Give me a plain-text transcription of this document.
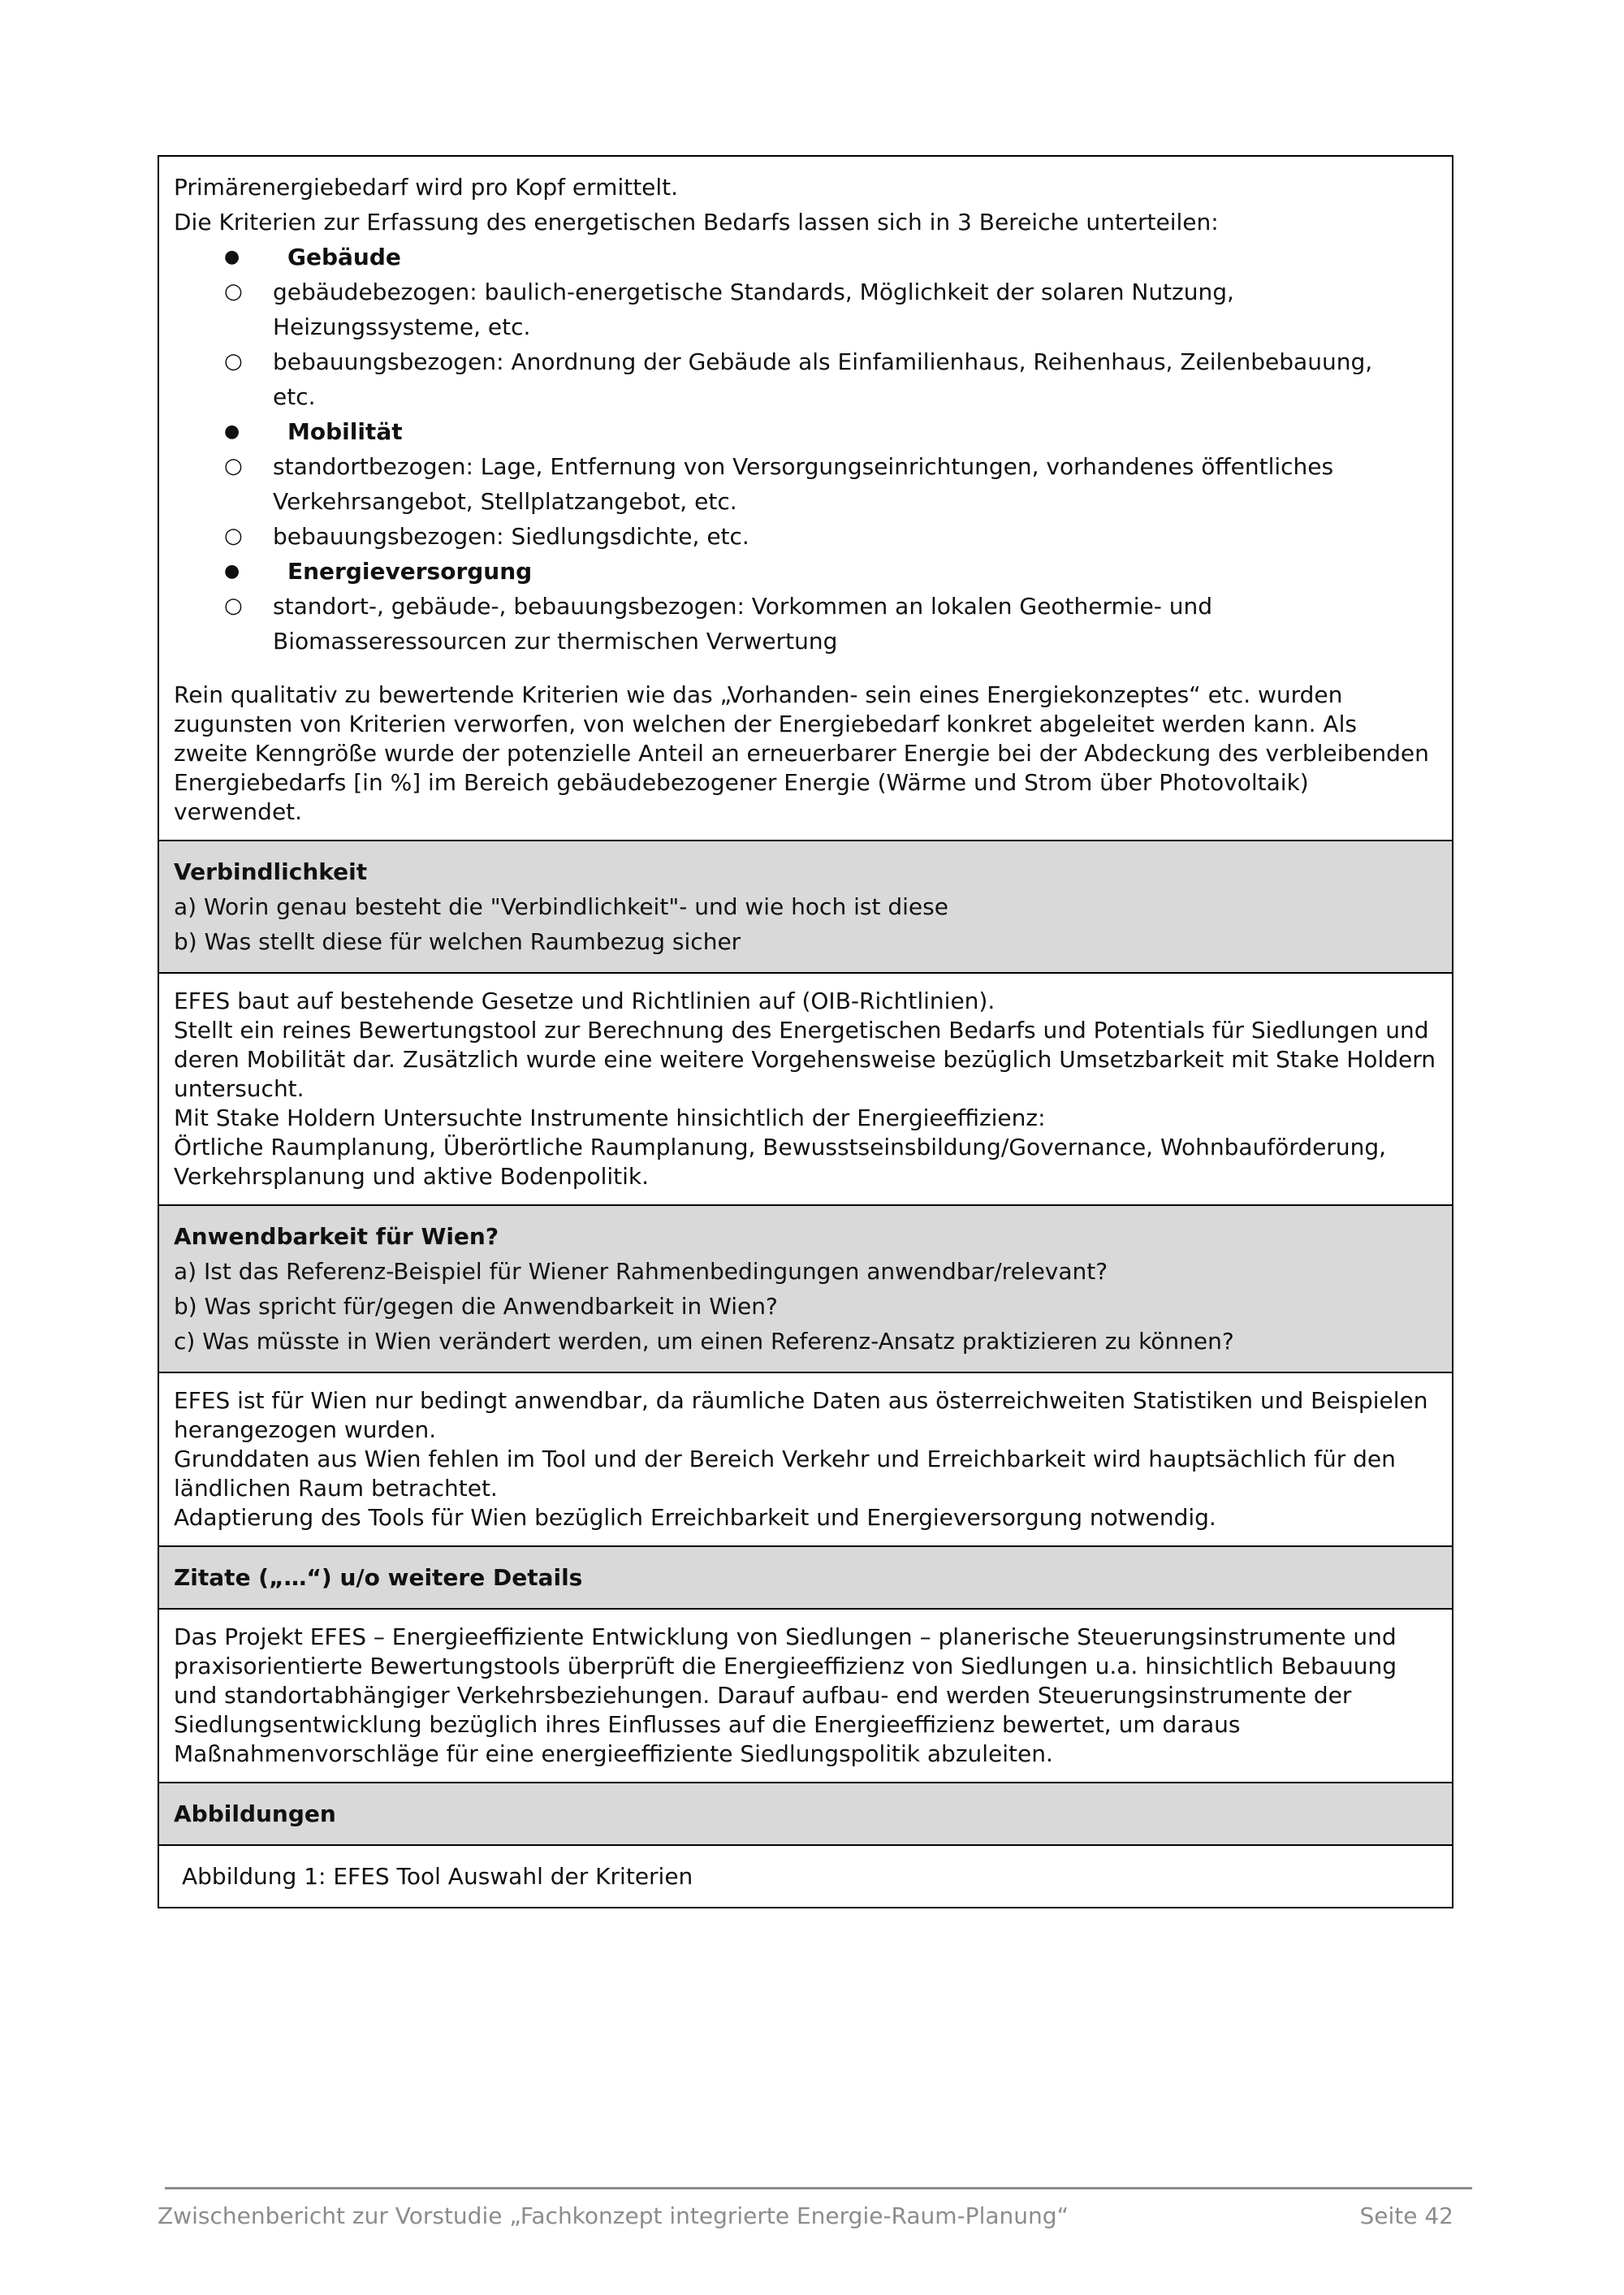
Primärenergiebedarf wird pro Kopf ermittelt.
Die Kriterien zur Erfassung des energetischen Bedarfs lassen sich in 3 Bereiche unterteilen:
● Gebäude
○ gebäudebezogen: baulich-energetische Standards, Möglichkeit der solaren Nutzung, Heizungssysteme, etc.
○ bebauungsbezogen: Anordnung der Gebäude als Einfamilienhaus, Reihenhaus, Zeilenbebauung, etc.
● Mobilität
○ standortbezogen: Lage, Entfernung von Versorgungseinrichtungen, vorhandenes öffentliches Verkehrsangebot, Stellplatzangebot, etc.
○ bebauungsbezogen: Siedlungsdichte, etc.
● Energieversorgung
○ standort-, gebäude-, bebauungsbezogen: Vorkommen an lokalen Geothermie- und Biomasseressourcen zur thermischen Verwertung
Rein qualitativ zu bewertende Kriterien wie das „Vorhanden- sein eines Energiekonzeptes“ etc. wurden zugunsten von Kriterien verworfen, von welchen der Energiebedarf konkret abgeleitet werden kann. Als zweite Kenngröße wurde der potenzielle Anteil an erneuerbarer Energie bei der Abdeckung des verbleibenden Energiebedarfs [in %] im Bereich gebäudebezogener Energie (Wärme und Strom über Photovoltaik) verwendet.

Verbindlichkeit
a) Worin genau besteht die "Verbindlichkeit"- und wie hoch ist diese
b) Was stellt diese für welchen Raumbezug sicher

EFES baut auf bestehende Gesetze und Richtlinien auf (OIB-Richtlinien).
Stellt ein reines Bewertungstool zur Berechnung des Energetischen Bedarfs und Potentials für Siedlungen und deren Mobilität dar. Zusätzlich wurde eine weitere Vorgehensweise bezüglich Umsetzbarkeit mit Stake Holdern untersucht.
Mit Stake Holdern Untersuchte Instrumente hinsichtlich der Energieeffizienz:
Örtliche Raumplanung, Überörtliche Raumplanung, Bewusstseinsbildung/Governance, Wohnbauförderung, Verkehrsplanung und aktive Bodenpolitik.

Anwendbarkeit für Wien?
a) Ist das Referenz-Beispiel für Wiener Rahmenbedingungen anwendbar/relevant?
b) Was spricht für/gegen die Anwendbarkeit in Wien?
c) Was müsste in Wien verändert werden, um einen Referenz-Ansatz praktizieren zu können?

EFES ist für Wien nur bedingt anwendbar, da räumliche Daten aus österreichweiten Statistiken und Beispielen herangezogen wurden.
Grunddaten aus Wien fehlen im Tool und der Bereich Verkehr und Erreichbarkeit wird hauptsächlich für den ländlichen Raum betrachtet.
Adaptierung des Tools für Wien bezüglich Erreichbarkeit und Energieversorgung notwendig.

Zitate („…“) u/o weitere Details

Das Projekt EFES – Energieeffiziente Entwicklung von Siedlungen – planerische Steuerungsinstrumente und praxisorientierte Bewertungstools überprüft die Energieeffizienz von Siedlungen u.a. hinsichtlich Bebauung und standortabhängiger Verkehrsbeziehungen. Darauf aufbau- end werden Steuerungsinstrumente der Siedlungsentwicklung bezüglich ihres Einflusses auf die Energieeffizienz bewertet, um daraus Maßnahmenvorschläge für eine energieeffiziente Siedlungspolitik abzuleiten.

Abbildungen

Abbildung 1: EFES Tool Auswahl der Kriterien
Zwischenbericht zur Vorstudie „Fachkonzept integrierte Energie-Raum-Planung“	Seite 42
